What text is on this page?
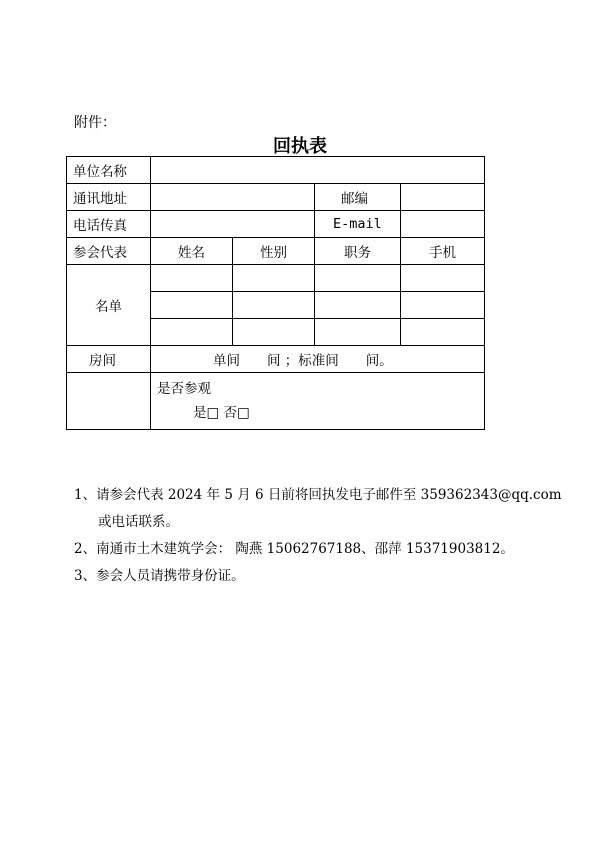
附件：
回执表
单位名称				
通讯地址			邮编	
电话传真			E-mail	
参会代表	姓名	性别	职务	手机
名单				

房间	单间　　间 ；标准间　　间。			

	是否参观
是□ 否□			
1、请参会代表 2024 年 5 月 6 日前将回执发电子邮件至 359362343@qq.com
或电话联系。
2、南通市土木建筑学会： 陶燕 15062767188、邵萍 15371903812。
3、参会人员请携带身份证。
